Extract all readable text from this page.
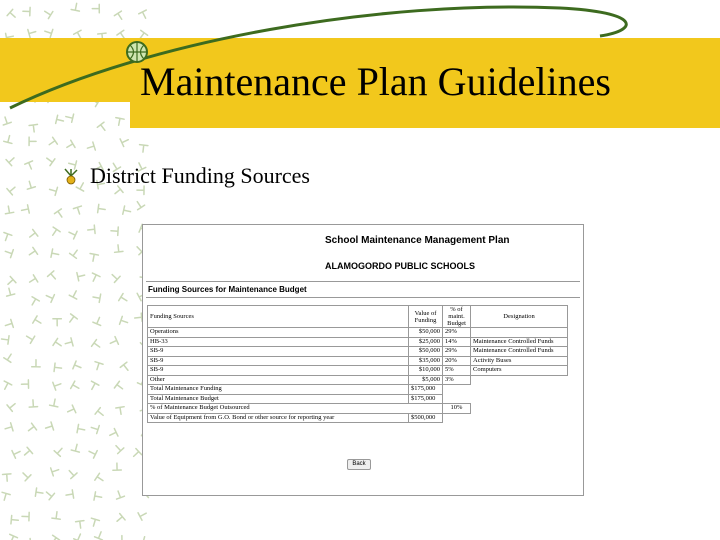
Maintenance Plan Guidelines
District Funding Sources
School Maintenance Management Plan
ALAMOGORDO PUBLIC SCHOOLS
Funding Sources for Maintenance Budget
Funding Sources	Value of Funding	% of maint. Budget	Designation
Operations	$50,000	29%	
HB-33	$25,000	14%	Maintenance Controlled Funds
SB-9	$50,000	29%	Maintenance Controlled Funds
SB-9	$35,000	20%	Activity Buses
SB-9	$10,000	5%	Computers
Other	$5,000	3%	
Total Maintenance Funding	$175,000		
Total Maintenance Budget	$175,000		
% of Maintenance Budget Outsourced		10%	
Value of Equipment from G.O. Bond or other source for reporting year	$500,000		
Back
